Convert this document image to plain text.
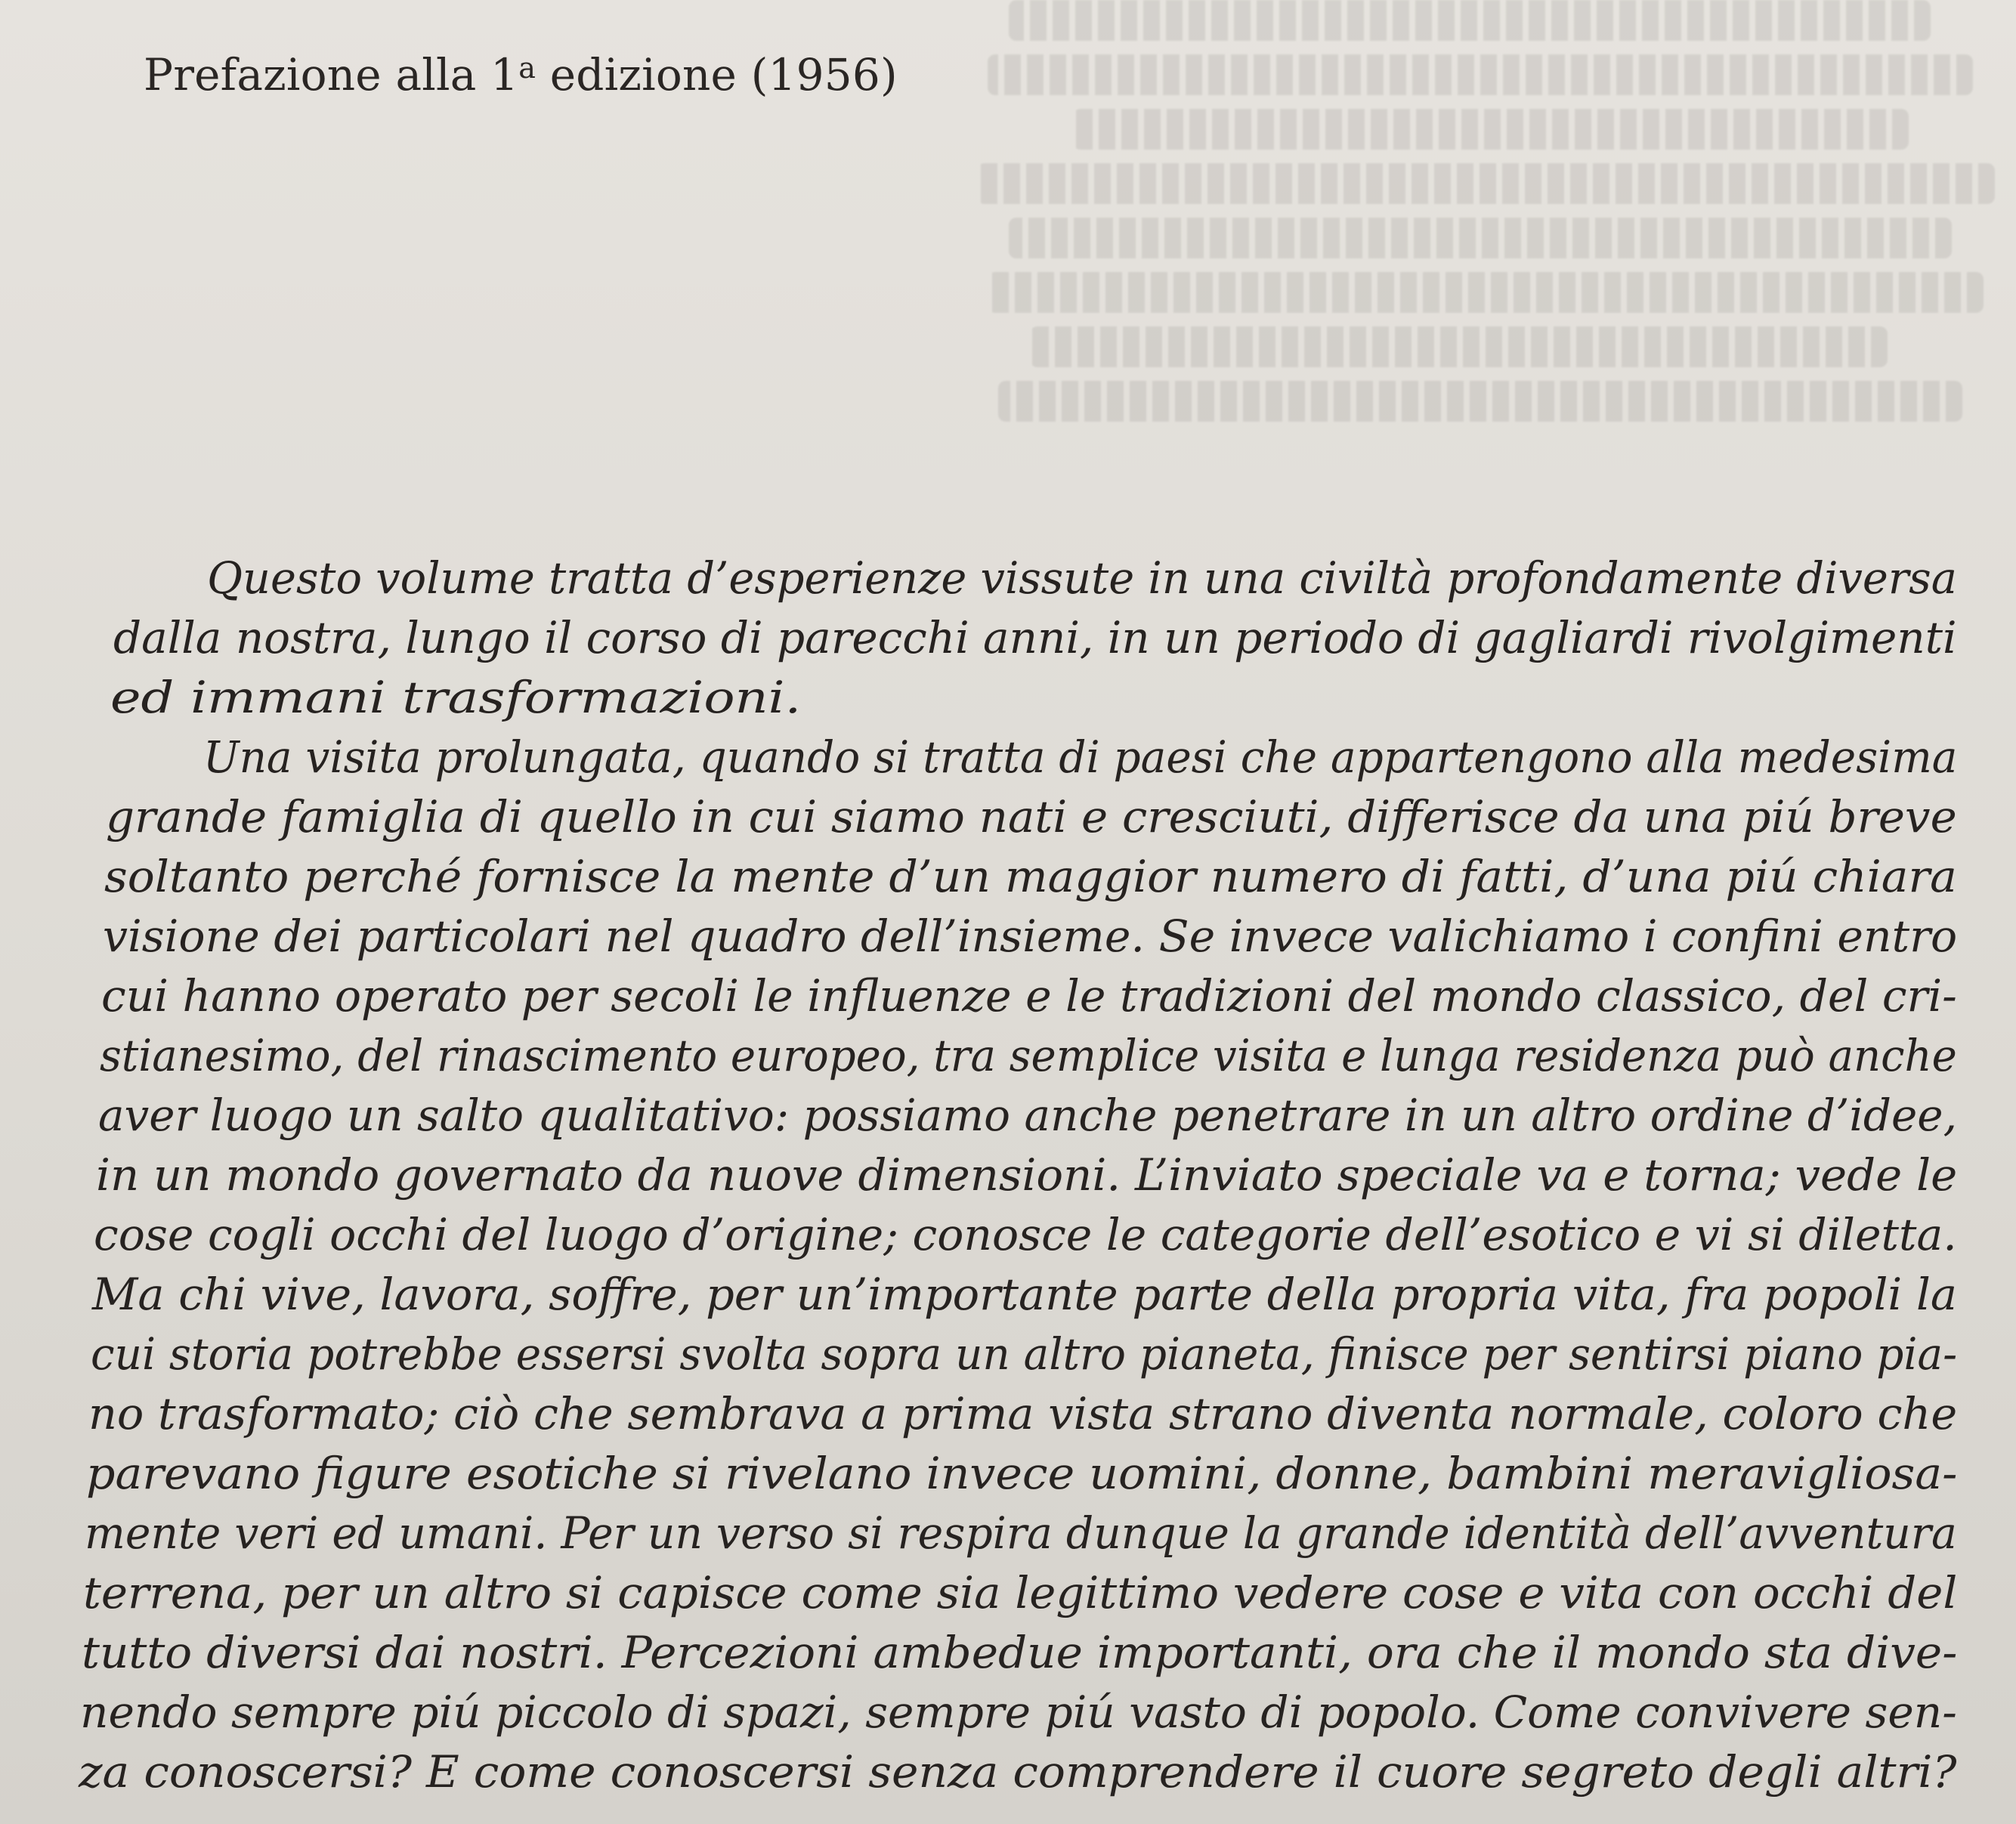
Prefazione alla 1$^a$ edizione (1956)
Questo volume tratta d’esperienze vissute in una civiltà profondamente diversa
dalla nostra, lungo il corso di parecchi anni, in un periodo di gagliardi rivolgimenti
ed immani trasformazioni.
Una visita prolungata, quando si tratta di paesi che appartengono alla medesima
grande famiglia di quello in cui siamo nati e cresciuti, differisce da una piú breve
soltanto perché fornisce la mente d’un maggior numero di fatti, d’una piú chiara
visione dei particolari nel quadro dell’insieme. Se invece valichiamo i confini entro
cui hanno operato per secoli le influenze e le tradizioni del mondo classico, del cri-
stianesimo, del rinascimento europeo, tra semplice visita e lunga residenza può anche
aver luogo un salto qualitativo: possiamo anche penetrare in un altro ordine d’idee,
in un mondo governato da nuove dimensioni. L’inviato speciale va e torna; vede le
cose cogli occhi del luogo d’origine; conosce le categorie dell’esotico e vi si diletta.
Ma chi vive, lavora, soffre, per un’importante parte della propria vita, fra popoli la
cui storia potrebbe essersi svolta sopra un altro pianeta, finisce per sentirsi piano pia-
no trasformato; ciò che sembrava a prima vista strano diventa normale, coloro che
parevano figure esotiche si rivelano invece uomini, donne, bambini meravigliosa-
mente veri ed umani. Per un verso si respira dunque la grande identità dell’avventura
terrena, per un altro si capisce come sia legittimo vedere cose e vita con occhi del
tutto diversi dai nostri. Percezioni ambedue importanti, ora che il mondo sta dive-
nendo sempre piú piccolo di spazi, sempre piú vasto di popolo. Come convivere sen-
za conoscersi? E come conoscersi senza comprendere il cuore segreto degli altri?
